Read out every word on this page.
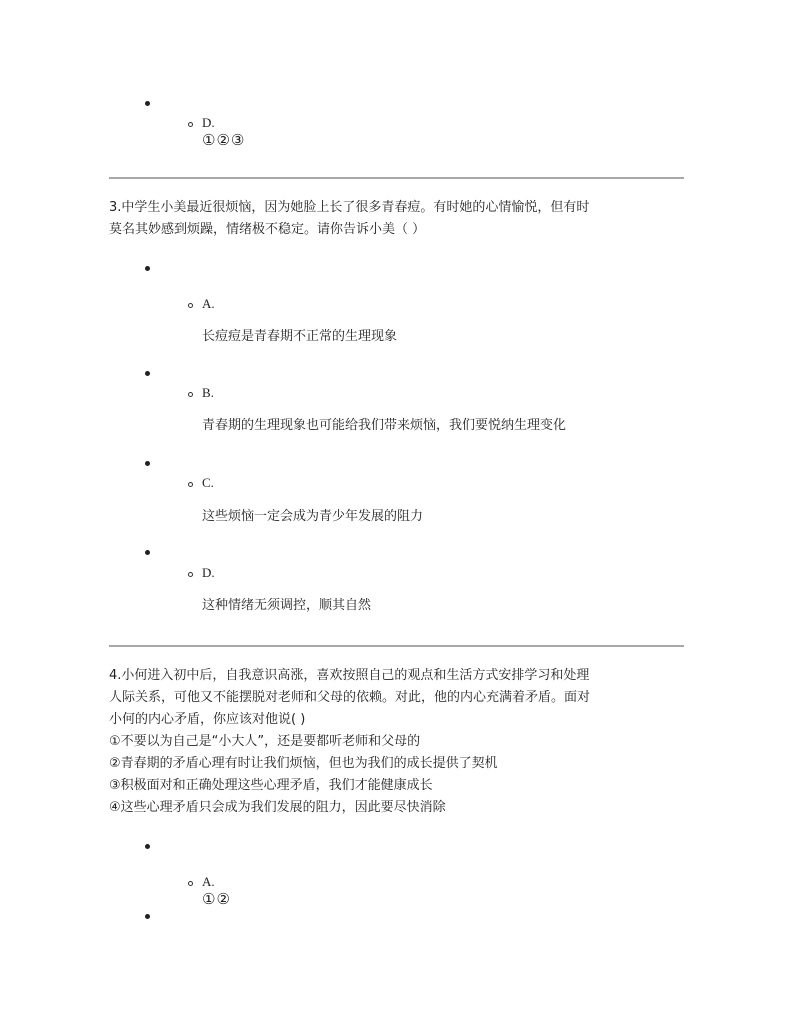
D.
①②③

3.中学生小美最近很烦恼，因为她脸上长了很多青春痘。有时她的心情愉悦，但有时

莫名其妙感到烦躁，情绪极不稳定。请你告诉小美（ ）

A.
长痘痘是青春期不正常的生理现象
B.
青春期的生理现象也可能给我们带来烦恼，我们要悦纳生理变化
C.
这些烦恼一定会成为青少年发展的阻力
D.
这种情绪无须调控，顺其自然

4.小何进入初中后，自我意识高涨，喜欢按照自己的观点和生活方式安排学习和处理

人际关系，可他又不能摆脱对老师和父母的依赖。对此，他的内心充满着矛盾。面对

小何的内心矛盾，你应该对他说( )

①不要以为自己是“小大人”，还是要都听老师和父母的

②青春期的矛盾心理有时让我们烦恼，但也为我们的成长提供了契机

③积极面对和正确处理这些心理矛盾，我们才能健康成长

④这些心理矛盾只会成为我们发展的阻力，因此要尽快消除

A.
①②
